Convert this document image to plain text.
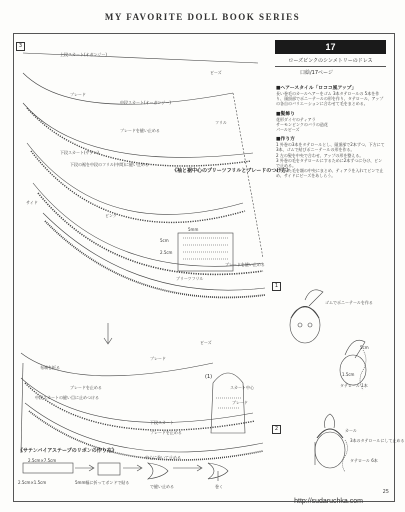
MY FAVORITE DOLL BOOK SERIES
3
上段スカート(オガンジー)
プレード
中段スカート(オーガンジー)
下段スカート(サテン)
プレードを縫い止める
下段の裾を中段のフリル(中間)に縫い止める
ビーズ
フリル
サイド
ピンク
《袖と裾中心のプリーツフリルとブレードのつけ方》
5mm
2.5cm
ブリーツフリル
5cm
ブレードを縫い止める
布端を折る
ブレードを止める
中段スカートの縫い目に止めつける
プレード
ビーズ
下段スカート
プレードを止める
(1)
スカート中心
ブレード
《サテンバイアステープのリボンの作り方》
2.5cm×7.5cm
2.5cm×1.5cm	5mm幅に折ってボンドで貼る
中心に巻いて止める
で縫い止める	巻く
17
ローズピンクのシンメトリーのドレス
口絵/17ページ
■ヘアースタイル「ロココ風アップ」
長い巻毛のカールヘアーをゴム 3本タテロールの 5本を作り、頭頂部でポニーテールの形を作り、タテロール、アップの各自のバリエーションに合わせて毛をまとめる。
■髪飾り
花形ダイヤのティアラ
サーモンピンクのバラの造花
パールビーズ
■作り方
1 外巻の3本をタテロールとし、頭頂部で2本ずつ、下方にて3本、ゴムで結びポニーテールの形を作る。
2 左の髪を中央で合わせ、アップの形を整える。
3 外巻の毛をタテロールにするために2本ずつに分け、ピンで止める。
4 残った毛を額の中央にまとめ、ティアラを入れてピンで止め、サイドにビーズをあしらう。
1
ゴムでポニーテールを作る
5cm
タテロール 1本
1.5cm
2	カール
3本のタテロールにして止める
タテロール 6本
25
http://sudaruchka.com
